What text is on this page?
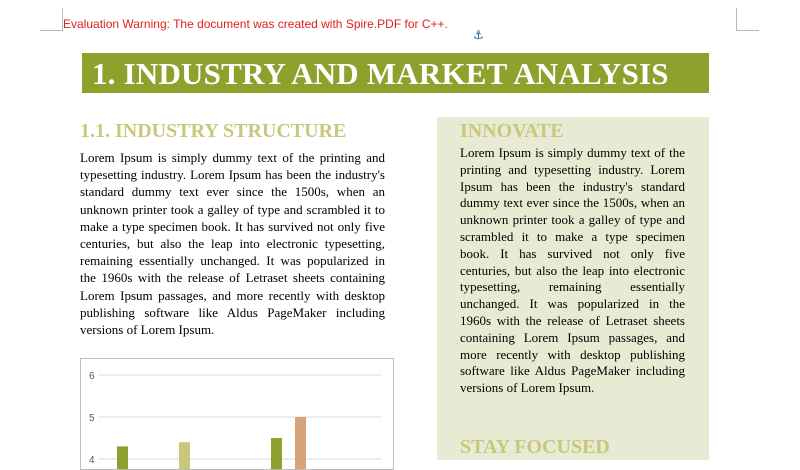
Evaluation Warning: The document was created with Spire.PDF for C++.
⚓
1. INDUSTRY AND MARKET ANALYSIS
1.1. INDUSTRY STRUCTURE
Lorem Ipsum is simply dummy text of the printing and typesetting industry. Lorem Ipsum has been the industry's standard dummy text ever since the 1500s, when an unknown printer took a galley of type and scrambled it to make a type specimen book. It has survived not only five centuries, but also the leap into electronic typesetting, remaining essentially unchanged. It was popularized in the 1960s with the release of Letraset sheets containing Lorem Ipsum passages, and more recently with desktop publishing software like Aldus PageMaker including versions of Lorem Ipsum.
INNOVATE
Lorem Ipsum is simply dummy text of the printing and typesetting industry. Lorem Ipsum has been the industry's standard dummy text ever since the 1500s, when an unknown printer took a galley of type and scrambled it to make a type specimen book. It has survived not only five centuries, but also the leap into electronic typesetting, remaining essentially unchanged. It was popularized in the 1960s with the release of Letraset sheets containing Lorem Ipsum passages, and more recently with desktop publishing software like Aldus PageMaker including versions of Lorem Ipsum.
STAY FOCUSED
6
5
4
